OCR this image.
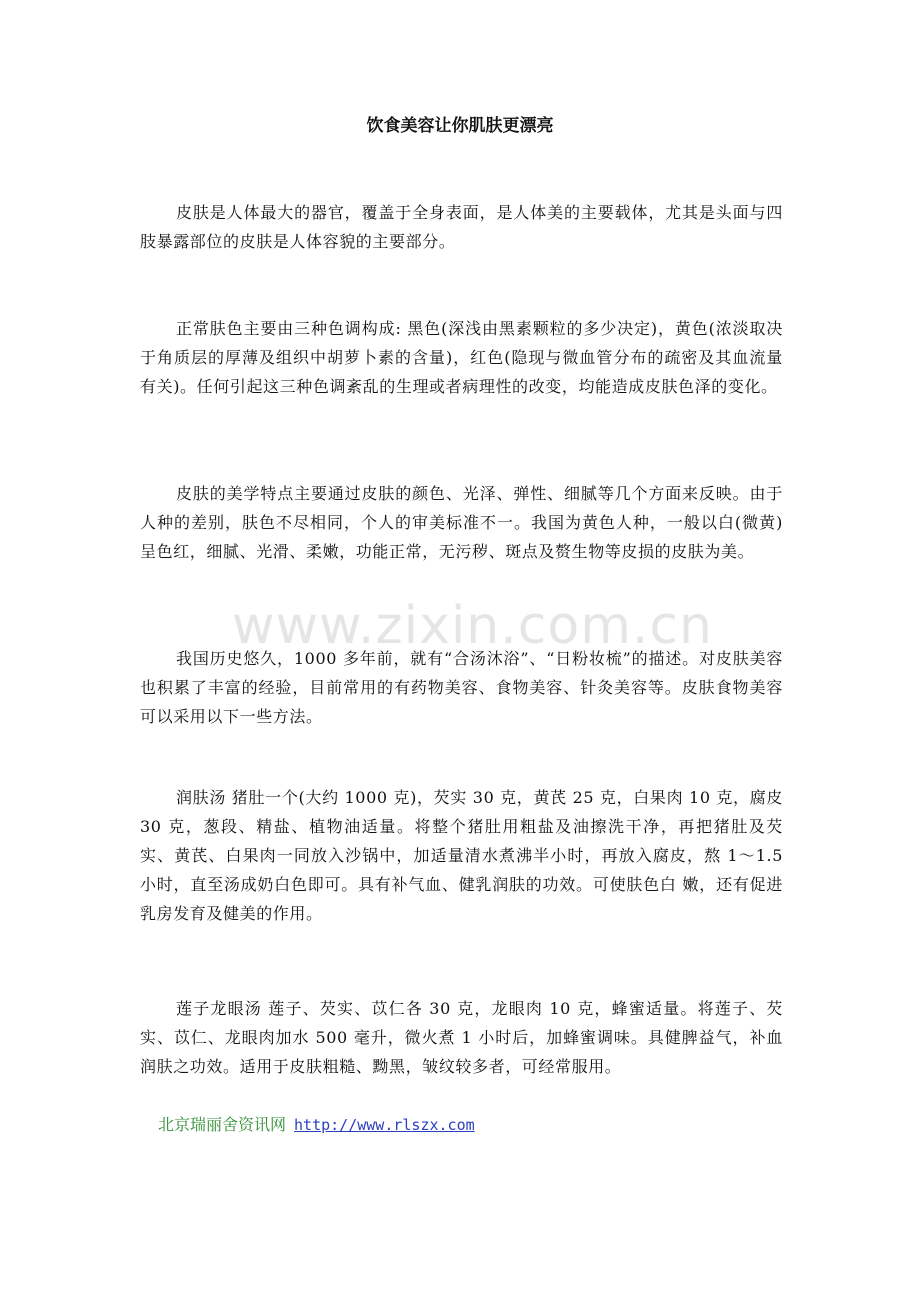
饮食美容让你肌肤更漂亮

皮肤是人体最大的器官，覆盖于全身表面，是人体美的主要载体，尤其是头面与四肢暴露部位的皮肤是人体容貌的主要部分。

正常肤色主要由三种色调构成: 黑色(深浅由黑素颗粒的多少决定)，黄色(浓淡取决于角质层的厚薄及组织中胡萝卜素的含量)，红色(隐现与微血管分布的疏密及其血流量有关)。任何引起这三种色调紊乱的生理或者病理性的改变，均能造成皮肤色泽的变化。

皮肤的美学特点主要通过皮肤的颜色、光泽、弹性、细腻等几个方面来反映。由于人种的差别，肤色不尽相同，个人的审美标准不一。我国为黄色人种，一般以白(微黄)呈色红，细腻、光滑、柔嫩，功能正常，无污秽、斑点及赘生物等皮损的皮肤为美。

www.zixin.com.cn

我国历史悠久，1000 多年前，就有“合汤沐浴”、“日粉妆梳”的描述。对皮肤美容也积累了丰富的经验，目前常用的有药物美容、食物美容、针灸美容等。皮肤食物美容可以采用以下一些方法。

润肤汤 猪肚一个(大约 1000 克)，芡实 30 克，黄芪 25 克，白果肉 10 克，腐皮 30 克，葱段、精盐、植物油适量。将整个猪肚用粗盐及油擦洗干净，再把猪肚及芡 实、黄芪、白果肉一同放入沙锅中，加适量清水煮沸半小时，再放入腐皮，熬 1～1.5 小时，直至汤成奶白色即可。具有补气血、健乳润肤的功效。可使肤色白 嫩，还有促进乳房发育及健美的作用。

莲子龙眼汤 莲子、芡实、苡仁各 30 克，龙眼肉 10 克，蜂蜜适量。将莲子、芡实、苡仁、龙眼肉加水 500 毫升，微火煮 1 小时后，加蜂蜜调味。具健脾益气，补血润肤之功效。适用于皮肤粗糙、黝黑，皱纹较多者，可经常服用。

北京瑞丽舍资讯网 http://www.rlszx.com
